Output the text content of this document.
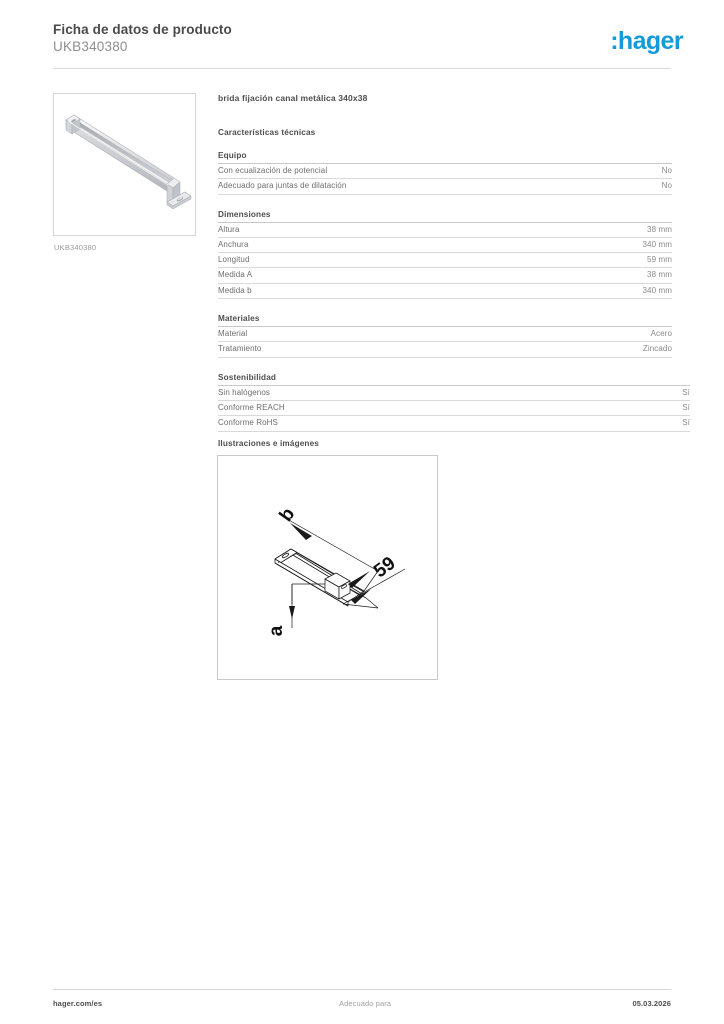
Ficha de datos de producto
UKB340380	:hager
UKB340380
brida fijación canal metálica 340x38
Características técnicas
Equipo
Con ecualización de potencial	No
Adecuado para juntas de dilatación	No
Dimensiones
Altura	38 mm
Anchura	340 mm
Longitud	59 mm
Medida A	38 mm
Medida b	340 mm
Materiales
Material	Acero
Tratamiento	Zincado
Sostenibilidad
Sin halógenos	Sí
Conforme REACH	Sí
Conforme RoHS	Sí
Ilustraciones e imágenes
b
59
a
hager.com/es	Adecuado para	05.03.2026
